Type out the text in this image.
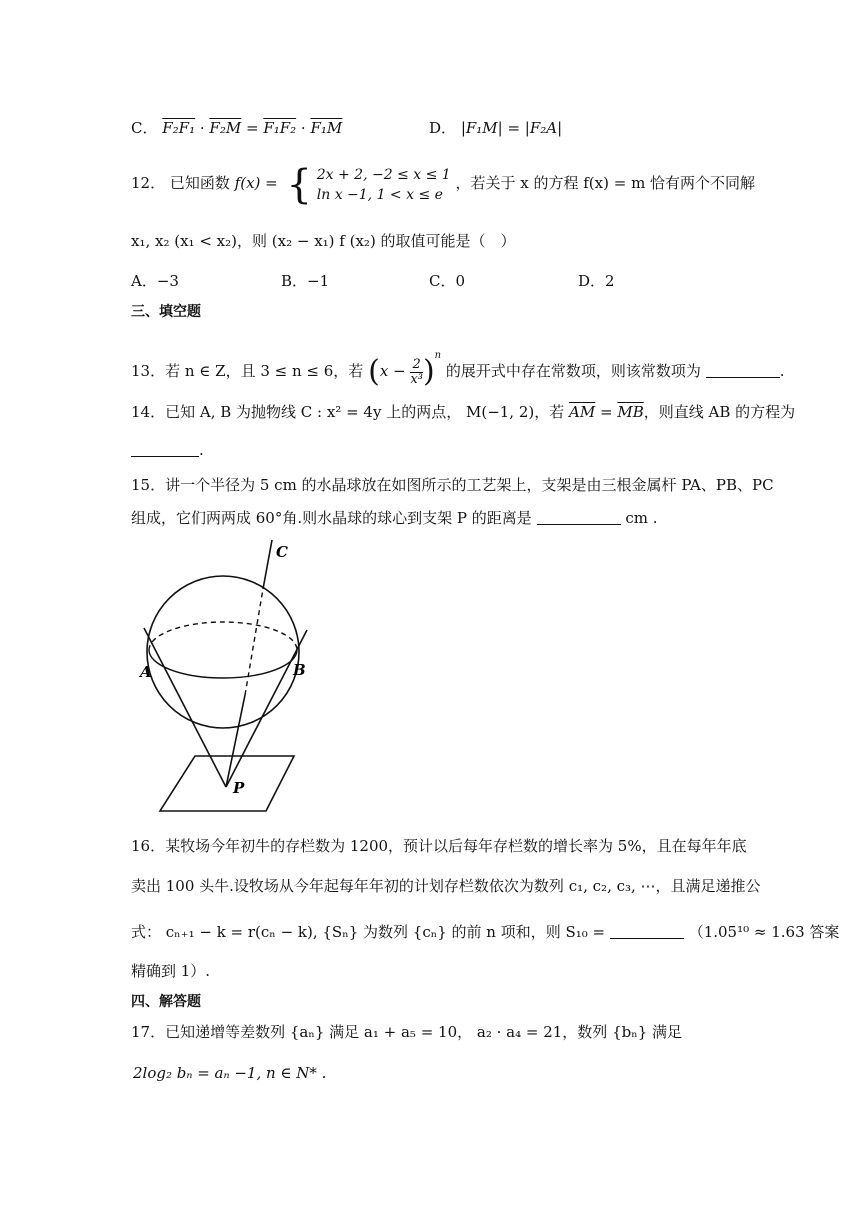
C． F₂F₁ · F₂M = F₁F₂ · F₁M	D． |F₁M| = |F₂A|
12． 已知函数 f(x) = { 2x + 2, −2 ≤ x ≤ 1
ln x −1, 1 < x ≤ e
，若关于 x 的方程 f(x) = m 恰有两个不同解
x₁, x₂ (x₁ < x₂)，则 (x₂ − x₁) f (x₂) 的取值可能是（　）
A．−3	B．−1	C．0	D．2
三、填空题
13．若 n ∈ Z，且 3 ≤ n ≤ 6，若 $(x - \frac{2}{\text{x³}} )^n$ 的展开式中存在常数项，则该常数项为	.
14．已知 A, B 为抛物线 C : x² = 4y 上的两点， M(−1, 2)，若 $\overline{AM} = \overline{MB}$，则直线 AB 的方程为
.
15．讲一个半径为 5 cm 的水晶球放在如图所示的工艺架上，支架是由三根金属杆 PA、PB、PC
组成，它们两两成 60°角.则水晶球的球心到支架 P 的距离是	cm .
A	B
C
P
16．某牧场今年初牛的存栏数为 1200，预计以后每年存栏数的增长率为 5%，且在每年年底
卖出 100 头牛.设牧场从今年起每年年初的计划存栏数依次为数列 c₁, c₂, c₃, ⋯，且满足递推公
式： cₙ₊₁ − k = r(cₙ − k), {Sₙ} 为数列 {cₙ} 的前 n 项和，则 S₁₀ =	（1.05¹⁰ ≈ 1.63 答案
精确到 1）.
四、解答题
17．已知递增等差数列 {aₙ} 满足 a₁ + a₅ = 10， a₂ · a₄ = 21，数列 {bₙ} 满足
2log₂ bₙ = aₙ −1, n ∈ N* .
